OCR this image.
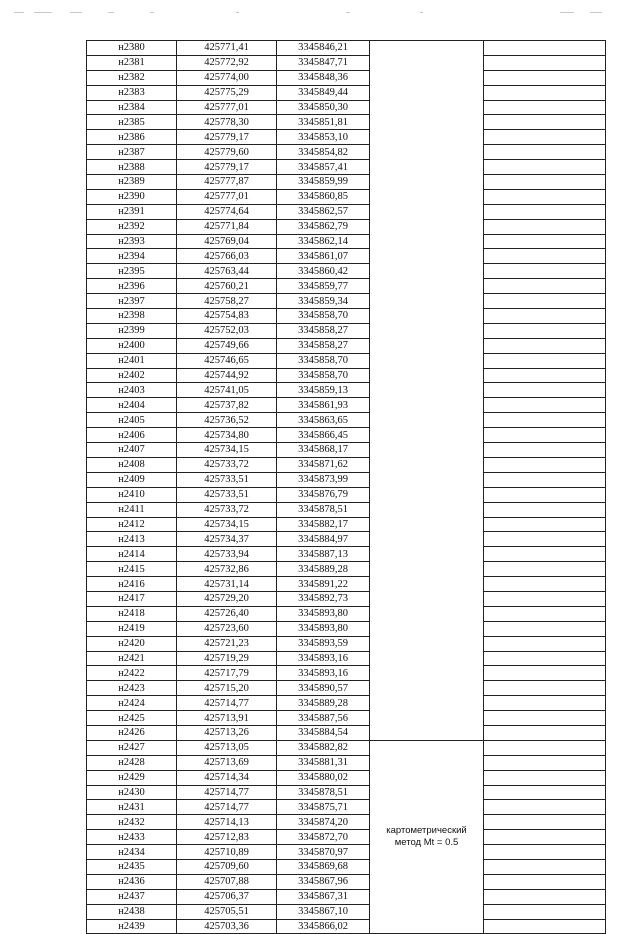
н2380	425771,41	3345846,21		
н2381	425772,92	3345847,71		
н2382	425774,00	3345848,36		
н2383	425775,29	3345849,44		
н2384	425777,01	3345850,30		
н2385	425778,30	3345851,81		
н2386	425779,17	3345853,10		
н2387	425779,60	3345854,82		
н2388	425779,17	3345857,41		
н2389	425777,87	3345859,99		
н2390	425777,01	3345860,85		
н2391	425774,64	3345862,57		
н2392	425771,84	3345862,79		
н2393	425769,04	3345862,14		
н2394	425766,03	3345861,07		
н2395	425763,44	3345860,42		
н2396	425760,21	3345859,77		
н2397	425758,27	3345859,34		
н2398	425754,83	3345858,70		
н2399	425752,03	3345858,27		
н2400	425749,66	3345858,27		
н2401	425746,65	3345858,70		
н2402	425744,92	3345858,70		
н2403	425741,05	3345859,13		
н2404	425737,82	3345861,93		
н2405	425736,52	3345863,65		
н2406	425734,80	3345866,45		
н2407	425734,15	3345868,17		
н2408	425733,72	3345871,62		
н2409	425733,51	3345873,99		
н2410	425733,51	3345876,79		
н2411	425733,72	3345878,51		
н2412	425734,15	3345882,17		
н2413	425734,37	3345884,97		
н2414	425733,94	3345887,13		
н2415	425732,86	3345889,28		
н2416	425731,14	3345891,22		
н2417	425729,20	3345892,73		
н2418	425726,40	3345893,80		
н2419	425723,60	3345893,80		
н2420	425721,23	3345893,59		
н2421	425719,29	3345893,16		
н2422	425717,79	3345893,16		
н2423	425715,20	3345890,57		
н2424	425714,77	3345889,28		
н2425	425713,91	3345887,56		
н2426	425713,26	3345884,54		
н2427	425713,05	3345882,82	картометрический метод Mt = 0.5	
н2428	425713,69	3345881,31		
н2429	425714,34	3345880,02		
н2430	425714,77	3345878,51		
н2431	425714,77	3345875,71		
н2432	425714,13	3345874,20		
н2433	425712,83	3345872,70		
н2434	425710,89	3345870,97		
н2435	425709,60	3345869,68		
н2436	425707,88	3345867,96		
н2437	425706,37	3345867,31		
н2438	425705,51	3345867,10		
н2439	425703,36	3345866,02		
